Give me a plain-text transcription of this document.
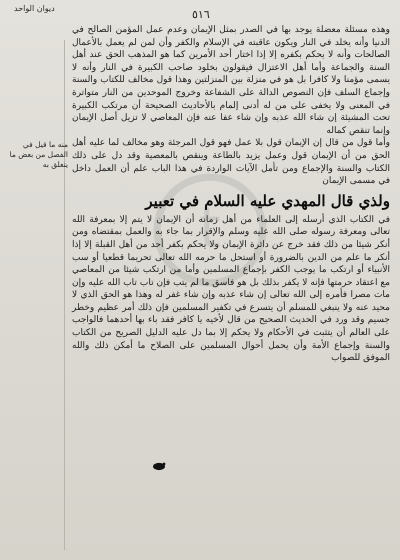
ديوان الواحد	٥١٦
منه ما قيل في الفصل من بعض ما يتعلق به
t

وهذه مسئلة معضلة يوجد بها في الصدر بمثل الإيمان وعدم عمل المؤمن الصالح في الدنيا وأنه يخلد في النار ويكون عاقبته في الإسلام والكفر وأن لمن لم يعمل بالأعمال الصالحات وأنه لا يحكم بكفره إلا إذا اختار أحد الأمرين كما هو المذهب الحق عند أهل السنة والجماعة وأما أهل الاعتزال فيقولون بخلود صاحب الكبيرة في النار وأنه لا يسمى مؤمنا ولا كافرا بل هو في منزلة بين المنزلتين وهذا قول مخالف للكتاب والسنة وإجماع السلف فإن النصوص الدالة على الشفاعة وخروج الموحدين من النار متواترة في المعنى ولا يخفى على من له أدنى إلمام بالأحاديث الصحيحة أن مرتكب الكبيرة تحت المشيئة إن شاء الله عذبه وإن شاء عفا عنه فإن المعاصي لا تزيل أصل الإيمان وإنما تنقص كماله

وأما قول من قال إن الإيمان قول بلا عمل فهو قول المرجئة وهو مخالف لما عليه أهل الحق من أن الإيمان قول وعمل يزيد بالطاعة وينقص بالمعصية وقد دل على ذلك الكتاب والسنة والإجماع ومن تأمل الآيات الواردة في هذا الباب علم أن العمل داخل في مسمى الإيمان

ولذي قال المهدي عليه السلام في تعبير

في الكتاب الذي أرسله إلى العلماء من أهل زمانه أن الإيمان لا يتم إلا بمعرفة الله تعالى ومعرفة رسوله صلى الله عليه وسلم والإقرار بما جاء به والعمل بمقتضاه ومن أنكر شيئا من ذلك فقد خرج عن دائرة الإيمان ولا يحكم بكفر أحد من أهل القبلة إلا إذا أنكر ما علم من الدين بالضرورة أو استحل ما حرمه الله تعالى تحريما قطعيا أو سب الأنبياء أو ارتكب ما يوجب الكفر بإجماع المسلمين وأما من ارتكب شيئا من المعاصي مع اعتقاد حرمتها فإنه لا يكفر بذلك بل هو فاسق ما لم يتب فإن تاب تاب الله عليه وإن مات مصرا فأمره إلى الله تعالى إن شاء عذبه وإن شاء غفر له وهذا هو الحق الذي لا محيد عنه ولا ينبغي للمسلم أن يتسرع في تكفير المسلمين فإن ذلك أمر عظيم وخطر جسيم وقد ورد في الحديث الصحيح من قال لأخيه يا كافر فقد باء بها أحدهما فالواجب على العالم أن يتثبت في الأحكام ولا يحكم إلا بما دل عليه الدليل الصريح من الكتاب والسنة وإجماع الأمة وأن يحمل أحوال المسلمين على الصلاح ما أمكن ذلك والله الموفق للصواب
